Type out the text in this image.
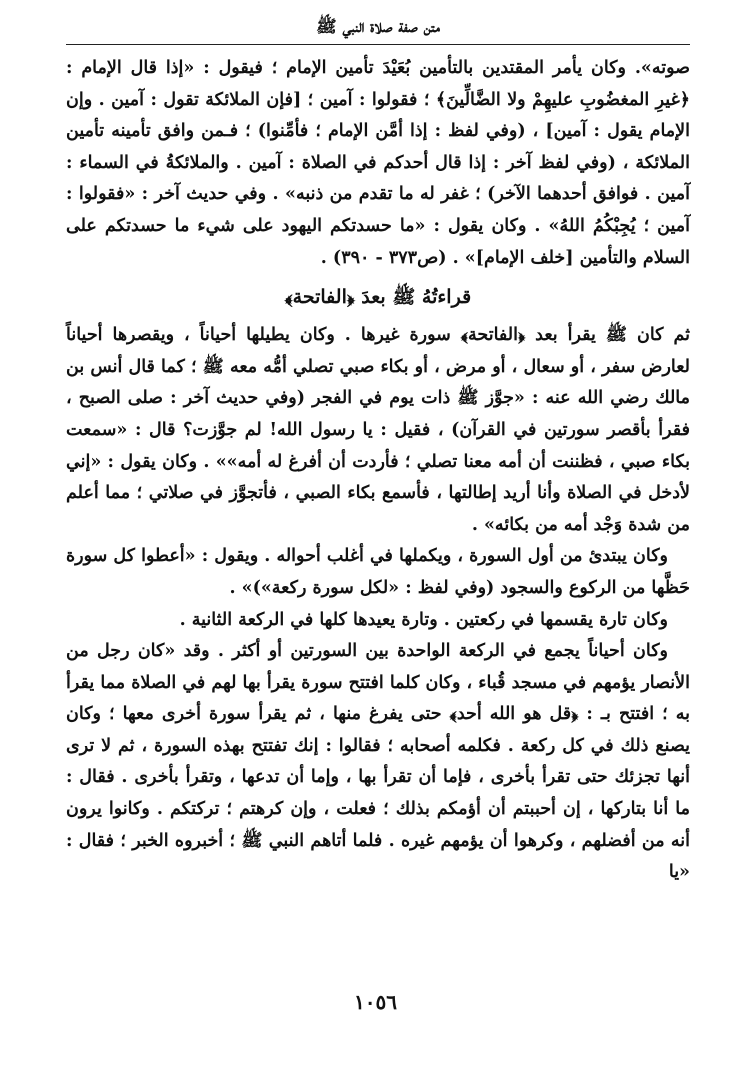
متن صفة صلاة النبي ﷺ

صوته». وكان يأمر المقتدين بالتأمين بُعَيْدَ تأمين الإمام ؛ فيقول : «إذا قال الإمام : ﴿غيرِ المغضُوبِ عليهِمْ ولا الضَّالِّينَ﴾ ؛ فقولوا : آمين ؛ [فإن الملائكة تقول : آمين . وإن الإمام يقول : آمين] ، (وفي لفظ : إذا أمَّن الإمام ؛ فأمِّنوا) ؛ فـمن وافق تأمينه تأمين الملائكة ، (وفي لفظ آخر : إذا قال أحدكم في الصلاة : آمين . والملائكةُ في السماء : آمين . فوافق أحدهما الآخر) ؛ غفر له ما تقدم من ذنبه» . وفي حديث آخر : «فقولوا : آمين ؛ يُجِبْكُمُ اللهُ» . وكان يقول : «ما حسدتكم اليهود على شيء ما حسدتكم على السلام والتأمين [خلف الإمام]» . (ص٣٧٣ - ٣٩٠) .

قراءتُهُ ﷺ بعدَ ﴿الفاتحة﴾

ثم كان ﷺ يقرأ بعد ﴿الفاتحة﴾ سورة غيرها . وكان يطيلها أحياناً ، ويقصرها أحياناً لعارض سفر ، أو سعال ، أو مرض ، أو بكاء صبي تصلي أمُّه معه ﷺ ؛ كما قال أنس بن مالك رضي الله عنه : «جوَّز ﷺ ذات يوم في الفجر (وفي حديث آخر : صلى الصبح ، فقرأ بأقصر سورتين في القرآن) ، فقيل : يا رسول الله! لم جوَّزت؟ قال : «سمعت بكاء صبي ، فظننت أن أمه معنا تصلي ؛ فأردت أن أفرغ له أمه»» . وكان يقول : «إني لأدخل في الصلاة وأنا أريد إطالتها ، فأسمع بكاء الصبي ، فأتجوَّز في صلاتي ؛ مما أعلم من شدة وَجْد أمه من بكائه» .

وكان يبتدئ من أول السورة ، ويكملها في أغلب أحواله . ويقول : «أعطوا كل سورة حَظَّها من الركوع والسجود (وفي لفظ : «لكل سورة ركعة»)» .

وكان تارة يقسمها في ركعتين . وتارة يعيدها كلها في الركعة الثانية .

وكان أحياناً يجمع في الركعة الواحدة بين السورتين أو أكثر . وقد «كان رجل من الأنصار يؤمهم في مسجد قُباء ، وكان كلما افتتح سورة يقرأ بها لهم في الصلاة مما يقرأ به ؛ افتتح بـ : ﴿قل هو الله أحد﴾ حتى يفرغ منها ، ثم يقرأ سورة أخرى معها ؛ وكان يصنع ذلك في كل ركعة . فكلمه أصحابه ؛ فقالوا : إنك تفتتح بهذه السورة ، ثم لا ترى أنها تجزئك حتى تقرأ بأخرى ، فإما أن تقرأ بها ، وإما أن تدعها ، وتقرأ بأخرى . فقال : ما أنا بتاركها ، إن أحببتم أن أؤمكم بذلك ؛ فعلت ، وإن كرهتم ؛ تركتكم . وكانوا يرون أنه من أفضلهم ، وكرهوا أن يؤمهم غيره . فلما أتاهم النبي ﷺ ؛ أخبروه الخبر ؛ فقال : «يا

١٠٥٦
